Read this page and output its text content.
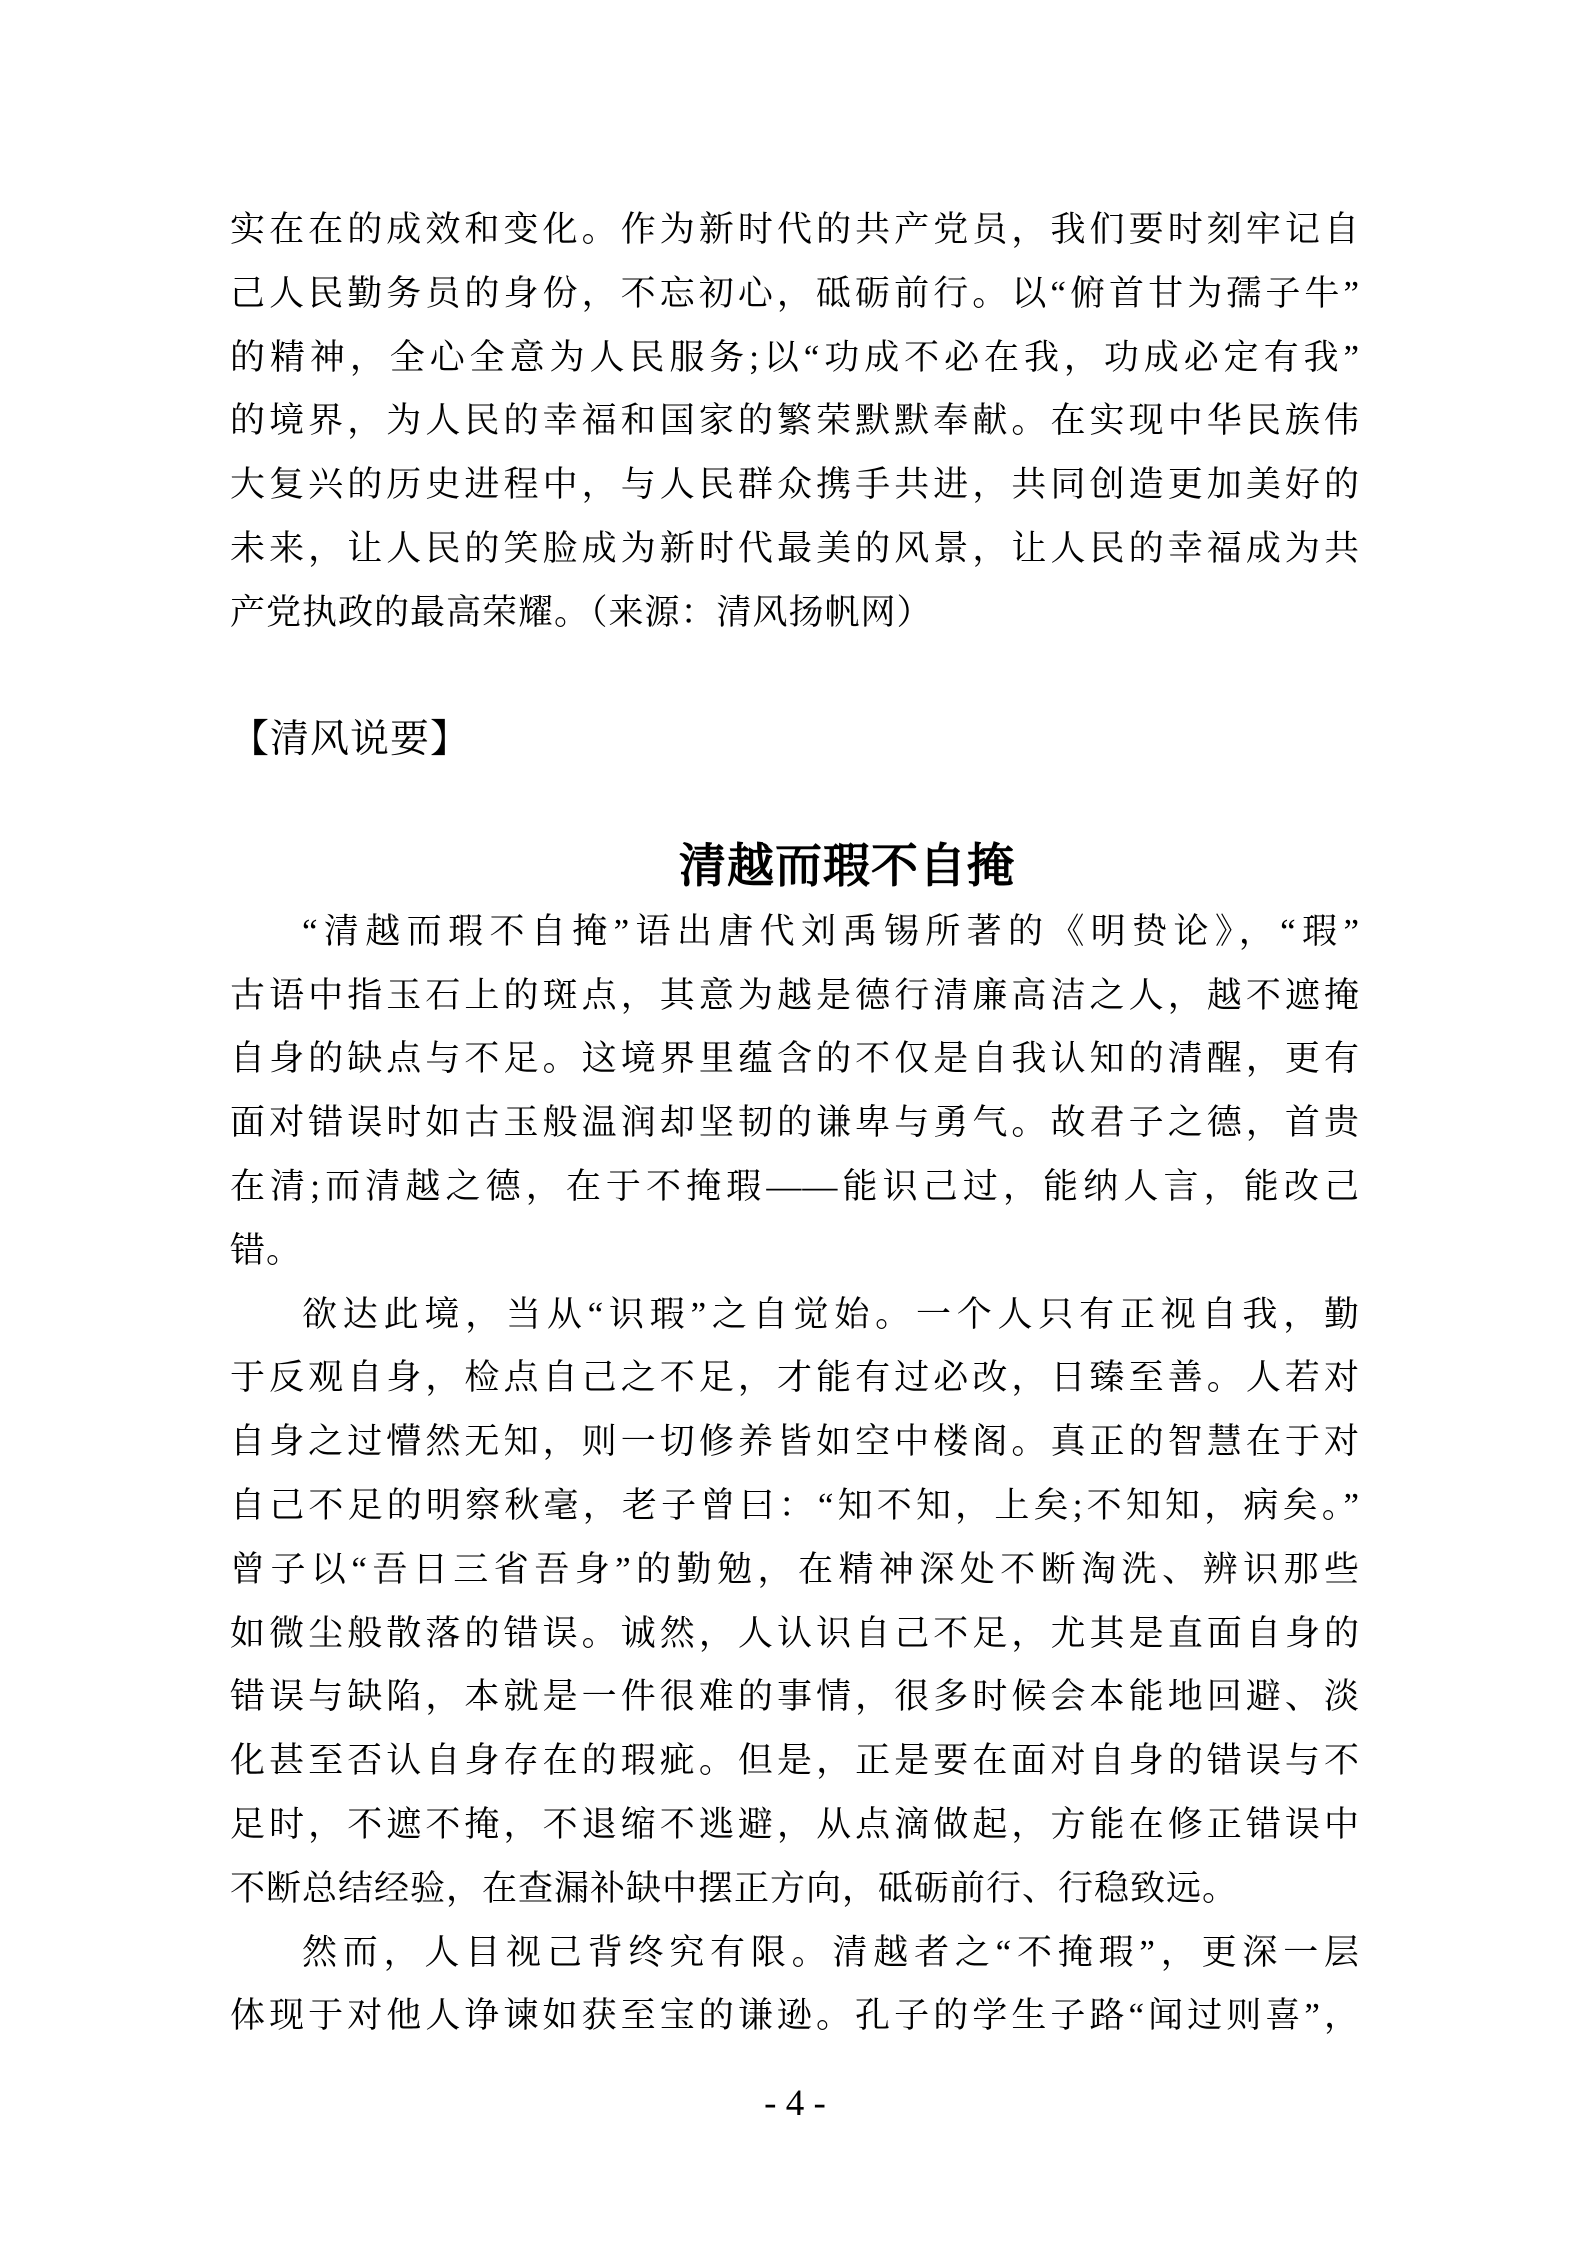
实在在的成效和变化。作为新时代的共产党员，我们要时刻牢记自
己人民勤务员的身份，不忘初心，砥砺前行。以“俯首甘为孺子牛”
的精神，全心全意为人民服务;以“功成不必在我，功成必定有我”
的境界，为人民的幸福和国家的繁荣默默奉献。在实现中华民族伟
大复兴的历史进程中，与人民群众携手共进，共同创造更加美好的
未来，让人民的笑脸成为新时代最美的风景，让人民的幸福成为共
产党执政的最高荣耀。（来源：清风扬帆网）
【清风说要】
清越而瑕不自掩
“清越而瑕不自掩”语出唐代刘禹锡所著的《明贽论》，“瑕”
古语中指玉石上的斑点，其意为越是德行清廉高洁之人，越不遮掩
自身的缺点与不足。这境界里蕴含的不仅是自我认知的清醒，更有
面对错误时如古玉般温润却坚韧的谦卑与勇气。故君子之德，首贵
在清;而清越之德，在于不掩瑕——能识己过，能纳人言，能改己
错。
欲达此境，当从“识瑕”之自觉始。一个人只有正视自我，勤
于反观自身，检点自己之不足，才能有过必改，日臻至善。人若对
自身之过懵然无知，则一切修养皆如空中楼阁。真正的智慧在于对
自己不足的明察秋毫，老子曾曰：“知不知，上矣;不知知，病矣。”
曾子以“吾日三省吾身”的勤勉，在精神深处不断淘洗、辨识那些
如微尘般散落的错误。诚然，人认识自己不足，尤其是直面自身的
错误与缺陷，本就是一件很难的事情，很多时候会本能地回避、淡
化甚至否认自身存在的瑕疵。但是，正是要在面对自身的错误与不
足时，不遮不掩，不退缩不逃避，从点滴做起，方能在修正错误中
不断总结经验，在查漏补缺中摆正方向，砥砺前行、行稳致远。
然而，人目视己背终究有限。清越者之“不掩瑕”，更深一层
体现于对他人诤谏如获至宝的谦逊。孔子的学生子路“闻过则喜”，
- 4 -
